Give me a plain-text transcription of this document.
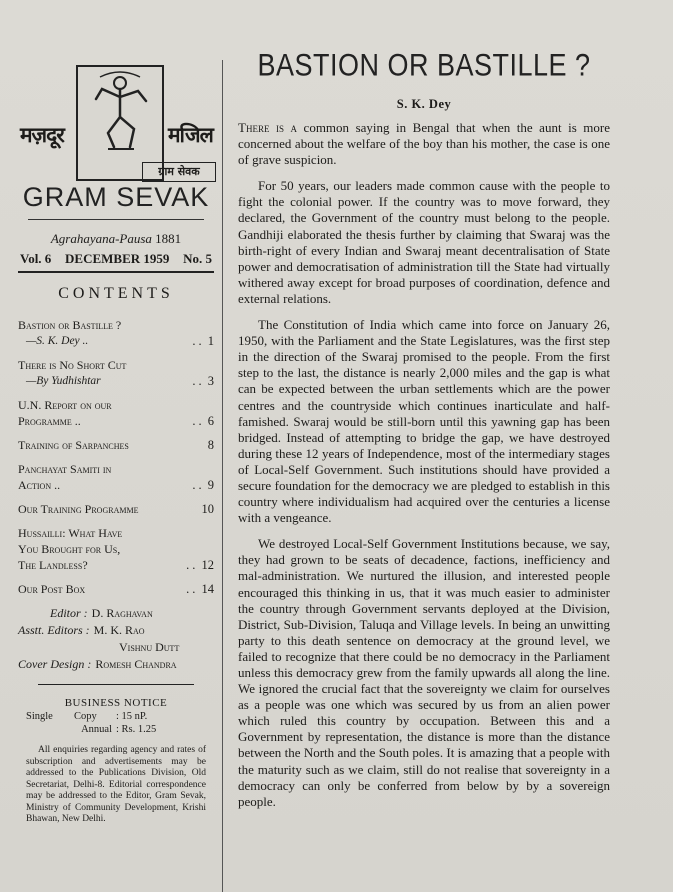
ग्राम सेवक
मज़दूर	मजिल
GRAM SEVAK
Agrahayana-Pausa 1881
Vol. 6 DECEMBER 1959 No. 5
CONTENTS
Bastion or Bastille ?
—S. K. Dey ..	.. 1
There is No Short Cut
—By Yudhishtar	.. 3
U.N. Report on our
Programme ..	.. 6
Training of Sarpanches	8
Panchayat Samiti in
Action ..	.. 9
Our Training Programme	10
Hussailli: What Have
You Brought for Us,
The Landless?	.. 12
Our Post Box	.. 14
Editor : D. Raghavan
Asstt. Editors : M. K. Rao
Vishnu Dutt
Cover Design : Romesh Chandra
BUSINESS NOTICE
Single	Copy	: 15 nP.
Annual : Rs. 1.25
All enquiries regarding agency and rates of subscription and advertisements may be addressed to the Publications Division, Old Secretariat, Delhi-8. Editorial correspondence may be addressed to the Editor, Gram Sevak, Ministry of Community Development, Krishi Bhawan, New Delhi.
BASTION OR BASTILLE ?
S. K. Dey

There is a common saying in Bengal that when the aunt is more concerned about the welfare of the boy than his mother, the case is one of grave suspicion.

For 50 years, our leaders made common cause with the people to fight the colonial power. If the country was to move forward, they declared, the Government of the country must belong to the people. Gandhiji elaborated the thesis further by claiming that Swaraj was the birth-right of every Indian and Swaraj meant decentralisation of State power and democratisation of administration till the State had virtually withered away except for broad purposes of coordination, defence and external relations.

The Constitution of India which came into force on January 26, 1950, with the Parliament and the State Legislatures, was the first step in the direction of the Swaraj promised to the people. From the first step to the last, the distance is nearly 2,000 miles and the gap is what can be expected between the urban settlements which are the power centres and the countryside which continues inarticulate and half-famished. Swaraj would be still-born until this yawning gap has been bridged. Instead of attempting to bridge the gap, we have destroyed during these 12 years of Independence, most of the intermediary stages of Local-Self Government. Such institutions should have provided a secure foundation for the democracy we are pledged to establish in this country where individualism had acquired over the centuries a license with a vengeance.

We destroyed Local-Self Government Institutions because, we say, they had grown to be seats of decadence, factions, inefficiency and mal-administration. We nurtured the illusion, and interested people encouraged this thinking in us, that it was much easier to administer the country through Government servants deployed at the Division, District, Sub-Division, Taluqa and Village levels. In being an unwitting party to this death sentence on democracy at the ground level, we failed to recognize that there could be no democracy in the Parliament unless this democracy grew from the family upwards all along the line. We ignored the crucial fact that the sovereignty we claim for ourselves as a people was one which was secured by us from an alien power which ruled this country by occupation. Between this and a Government by representation, the distance is more than the distance between the North and the South poles. It is amazing that a people with the maturity such as we claim, still do not realise that sovereignty in a democracy can only be conferred from below by by a sovereign people.
